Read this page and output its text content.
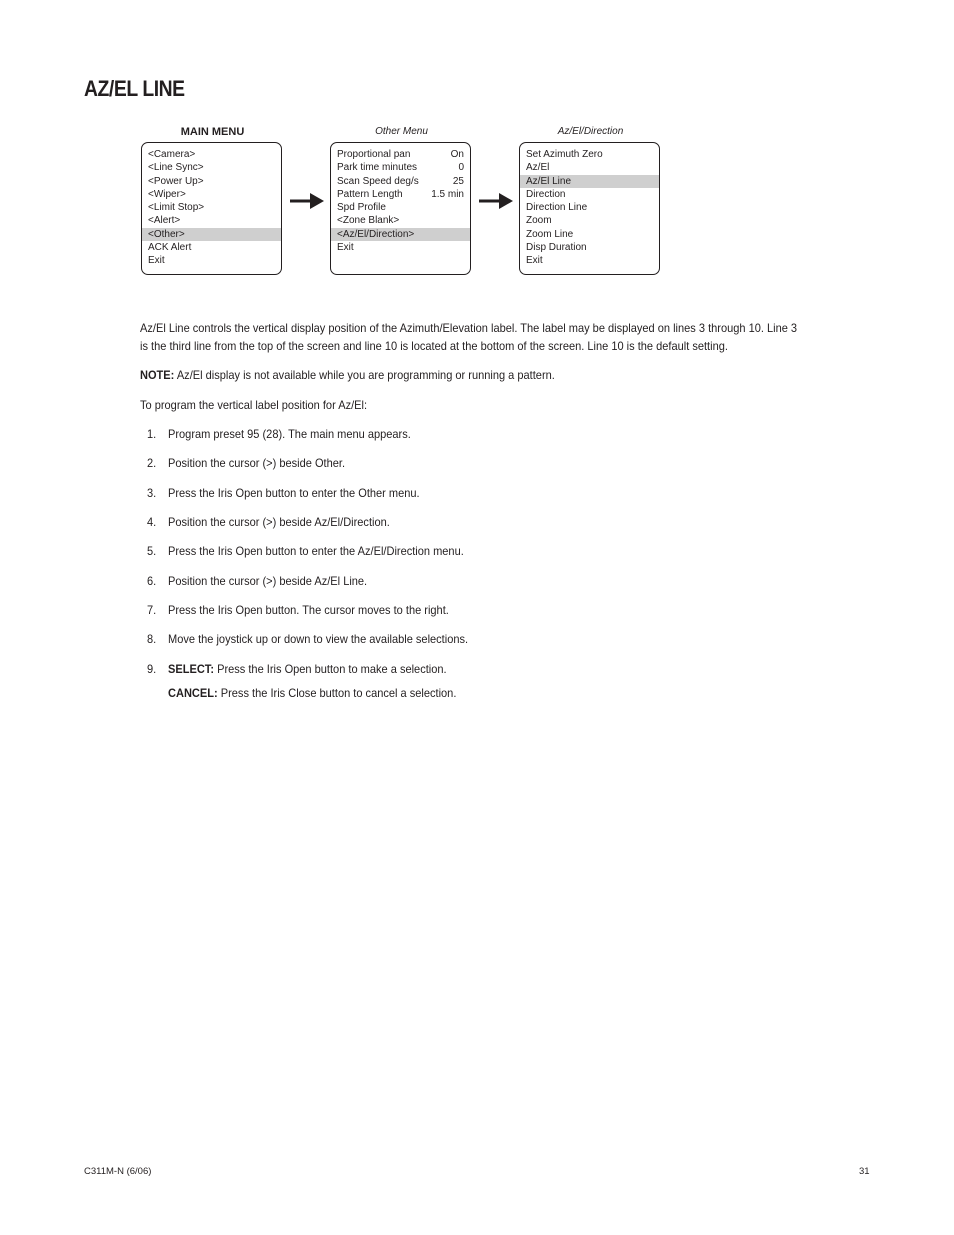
AZ/EL LINE
MAIN MENU
<Camera>
<Line Sync>
<Power Up>
<Wiper>
<Limit Stop>
<Alert>
<Other>
ACK Alert
Exit
Other Menu
Proportional pan	On
Park time minutes	0
Scan Speed deg/s	25
Pattern Length	1.5 min
Spd Profile
<Zone Blank>
<Az/El/Direction>
Exit
Az/El/Direction
Set Azimuth Zero
Az/El
Az/El Line
Direction
Direction Line
Zoom
Zoom Line
Disp Duration
Exit

Az/El Line controls the vertical display position of the Azimuth/Elevation label. The label may be displayed on lines 3 through 10. Line 3 is the third line from the top of the screen and line 10 is located at the bottom of the screen. Line 10 is the default setting.

NOTE: Az/El display is not available while you are programming or running a pattern.

To program the vertical label position for Az/El:

1. Program preset 95 (28). The main menu appears.
2. Position the cursor (>) beside Other.
3. Press the Iris Open button to enter the Other menu.
4. Position the cursor (>) beside Az/El/Direction.
5. Press the Iris Open button to enter the Az/El/Direction menu.
6. Position the cursor (>) beside Az/El Line.
7. Press the Iris Open button. The cursor moves to the right.
8. Move the joystick up or down to view the available selections.
9. SELECT: Press the Iris Open button to make a selection.
CANCEL: Press the Iris Close button to cancel a selection.
C311M-N (6/06)	31
